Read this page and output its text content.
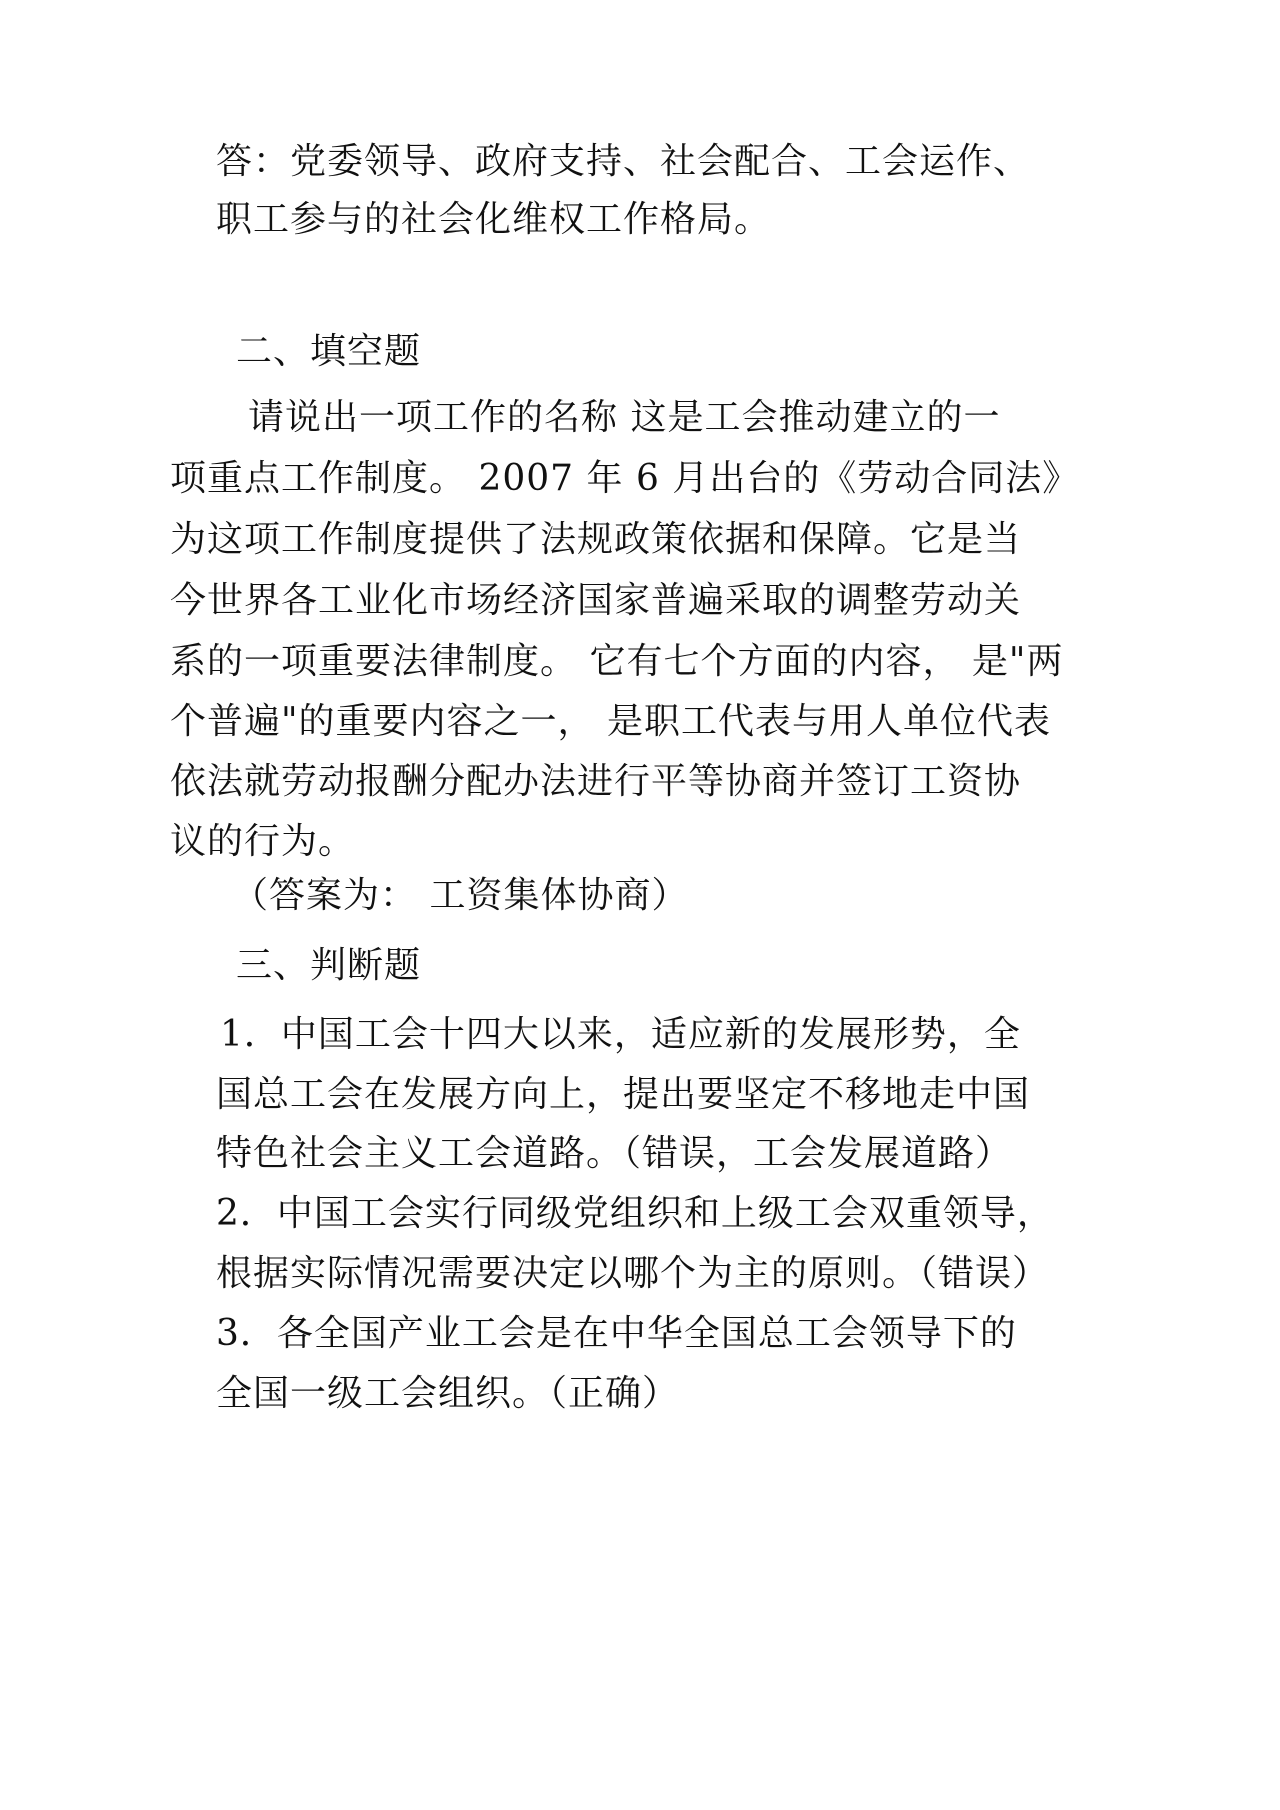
答：党委领导、政府支持、社会配合、工会运作、
职工参与的社会化维权工作格局。
二、填空题
请说出一项工作的名称 这是工会推动建立的一
项重点工作制度。 2007 年 6 月出台的《劳动合同法》
为这项工作制度提供了法规政策依据和保障。它是当
今世界各工业化市场经济国家普遍采取的调整劳动关
系的一项重要法律制度。 它有七个方面的内容， 是"两
个普遍"的重要内容之一， 是职工代表与用人单位代表
依法就劳动报酬分配办法进行平等协商并签订工资协
议的行为。
（答案为： 工资集体协商）
三、判断题
1．中国工会十四大以来，适应新的发展形势，全
国总工会在发展方向上，提出要坚定不移地走中国
特色社会主义工会道路。（错误，工会发展道路）
2．中国工会实行同级党组织和上级工会双重领导，
根据实际情况需要决定以哪个为主的原则。（错误）
3．各全国产业工会是在中华全国总工会领导下的
全国一级工会组织。（正确）
